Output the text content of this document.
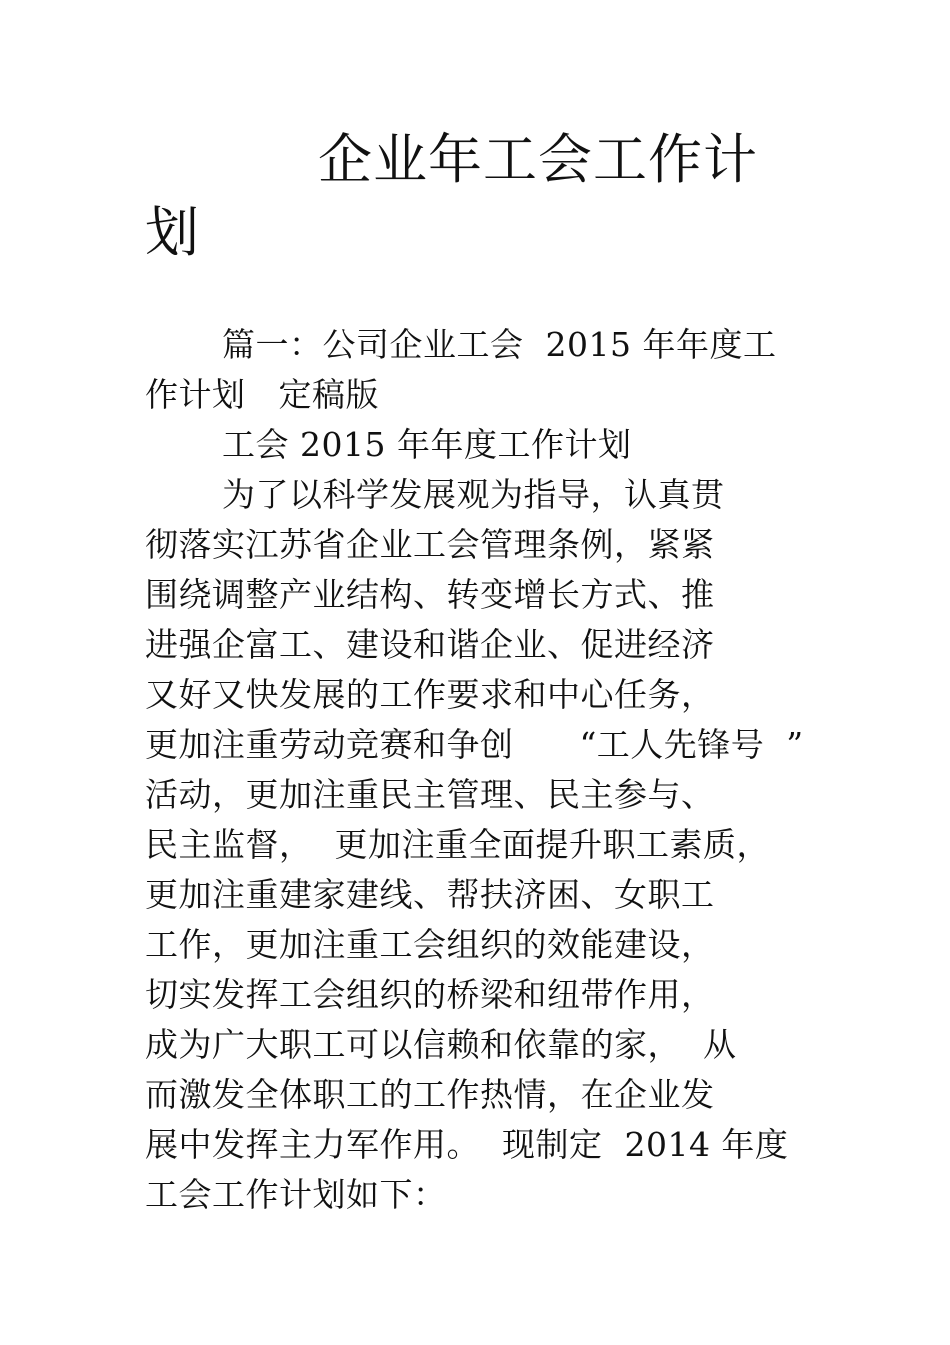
企业年工会工作计
划
篇一：公司企业工会  2015 年年度工
作计划   定稿版
工会 2015 年年度工作计划
为了以科学发展观为指导，认真贯
彻落实江苏省企业工会管理条例，紧紧
围绕调整产业结构、转变增长方式、推
进强企富工、建设和谐企业、促进经济
又好又快发展的工作要求和中心任务，
更加注重劳动竞赛和争创      “工人先锋号  ”
活动，更加注重民主管理、民主参与、
民主监督，  更加注重全面提升职工素质，
更加注重建家建线、帮扶济困、女职工
工作，更加注重工会组织的效能建设，
切实发挥工会组织的桥梁和纽带作用，
成为广大职工可以信赖和依靠的家，  从
而激发全体职工的工作热情，在企业发
展中发挥主力军作用。  现制定  2014 年度
工会工作计划如下：
